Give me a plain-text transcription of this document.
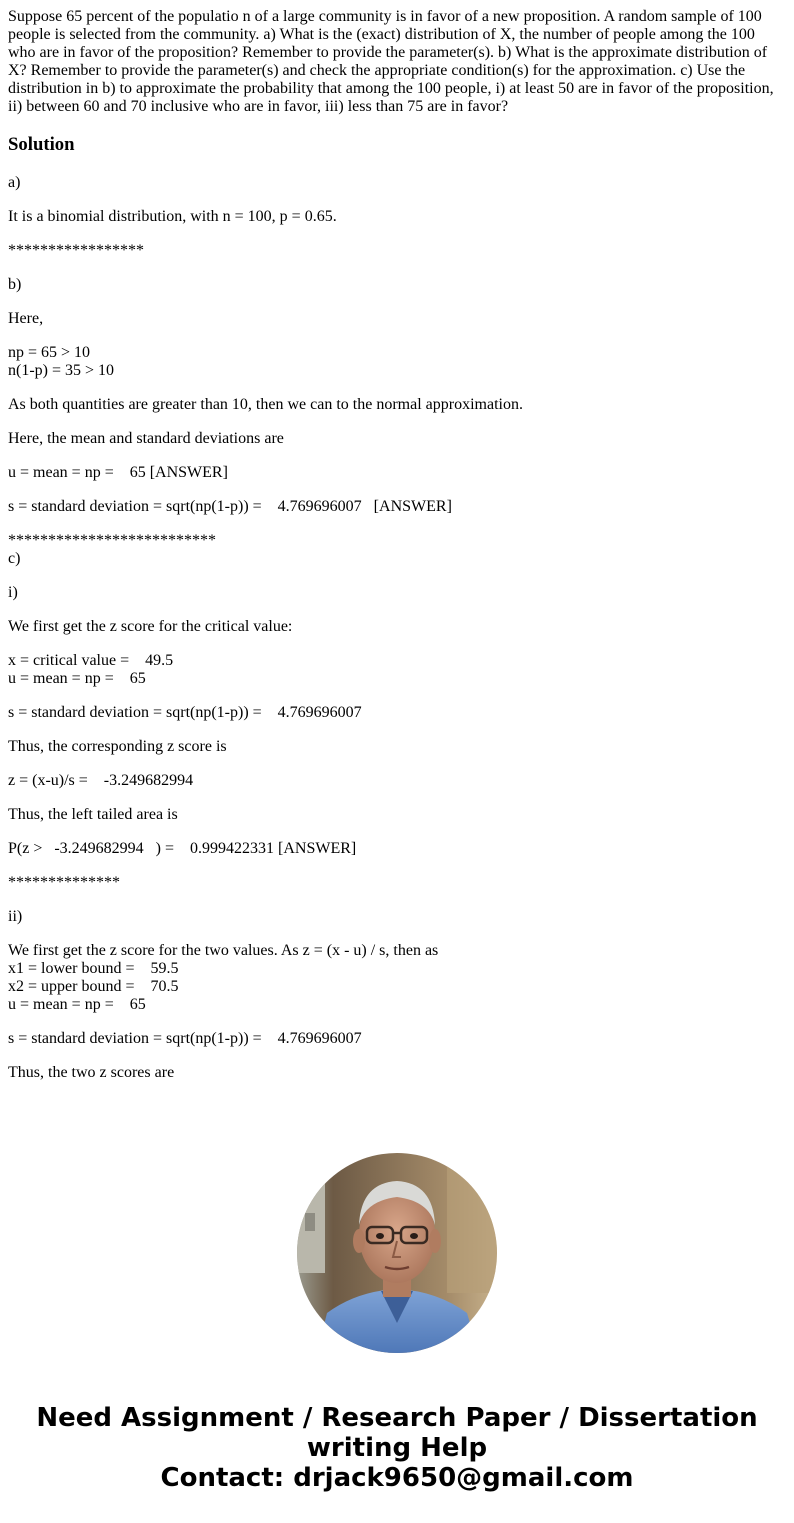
Suppose 65 percent of the populatio n of a large community is in favor of a new proposition. A random sample of 100 people is selected from the community. a) What is the (exact) distribution of X, the number of people among the 100 who are in favor of the proposition? Remember to provide the parameter(s). b) What is the approximate distribution of X? Remember to provide the parameter(s) and check the appropriate condition(s) for the approximation. c) Use the distribution in b) to approximate the probability that among the 100 people, i) at least 50 are in favor of the proposition, ii) between 60 and 70 inclusive who are in favor, iii) less than 75 are in favor?

Solution

a)

It is a binomial distribution, with n = 100, p = 0.65.

*****************

b)

Here,

np = 65 > 10
n(1-p) = 35 > 10

As both quantities are greater than 10, then we can to the normal approximation.

Here, the mean and standard deviations are

u = mean = np =    65 [ANSWER]

s = standard deviation = sqrt(np(1-p)) =    4.769696007   [ANSWER]

**************************

c)

i)

We first get the z score for the critical value:

x = critical value =    49.5
u = mean = np =    65

s = standard deviation = sqrt(np(1-p)) =    4.769696007

Thus, the corresponding z score is

z = (x-u)/s =    -3.249682994

Thus, the left tailed area is

P(z >   -3.249682994   ) =    0.999422331 [ANSWER]

**************

ii)

We first get the z score for the two values. As z = (x - u) / s, then as
x1 = lower bound =    59.5
x2 = upper bound =    70.5
u = mean = np =    65

s = standard deviation = sqrt(np(1-p)) =    4.769696007

Thus, the two z scores are

Need Assignment / Research Paper / Dissertation
writing Help
Contact: drjack9650@gmail.com
